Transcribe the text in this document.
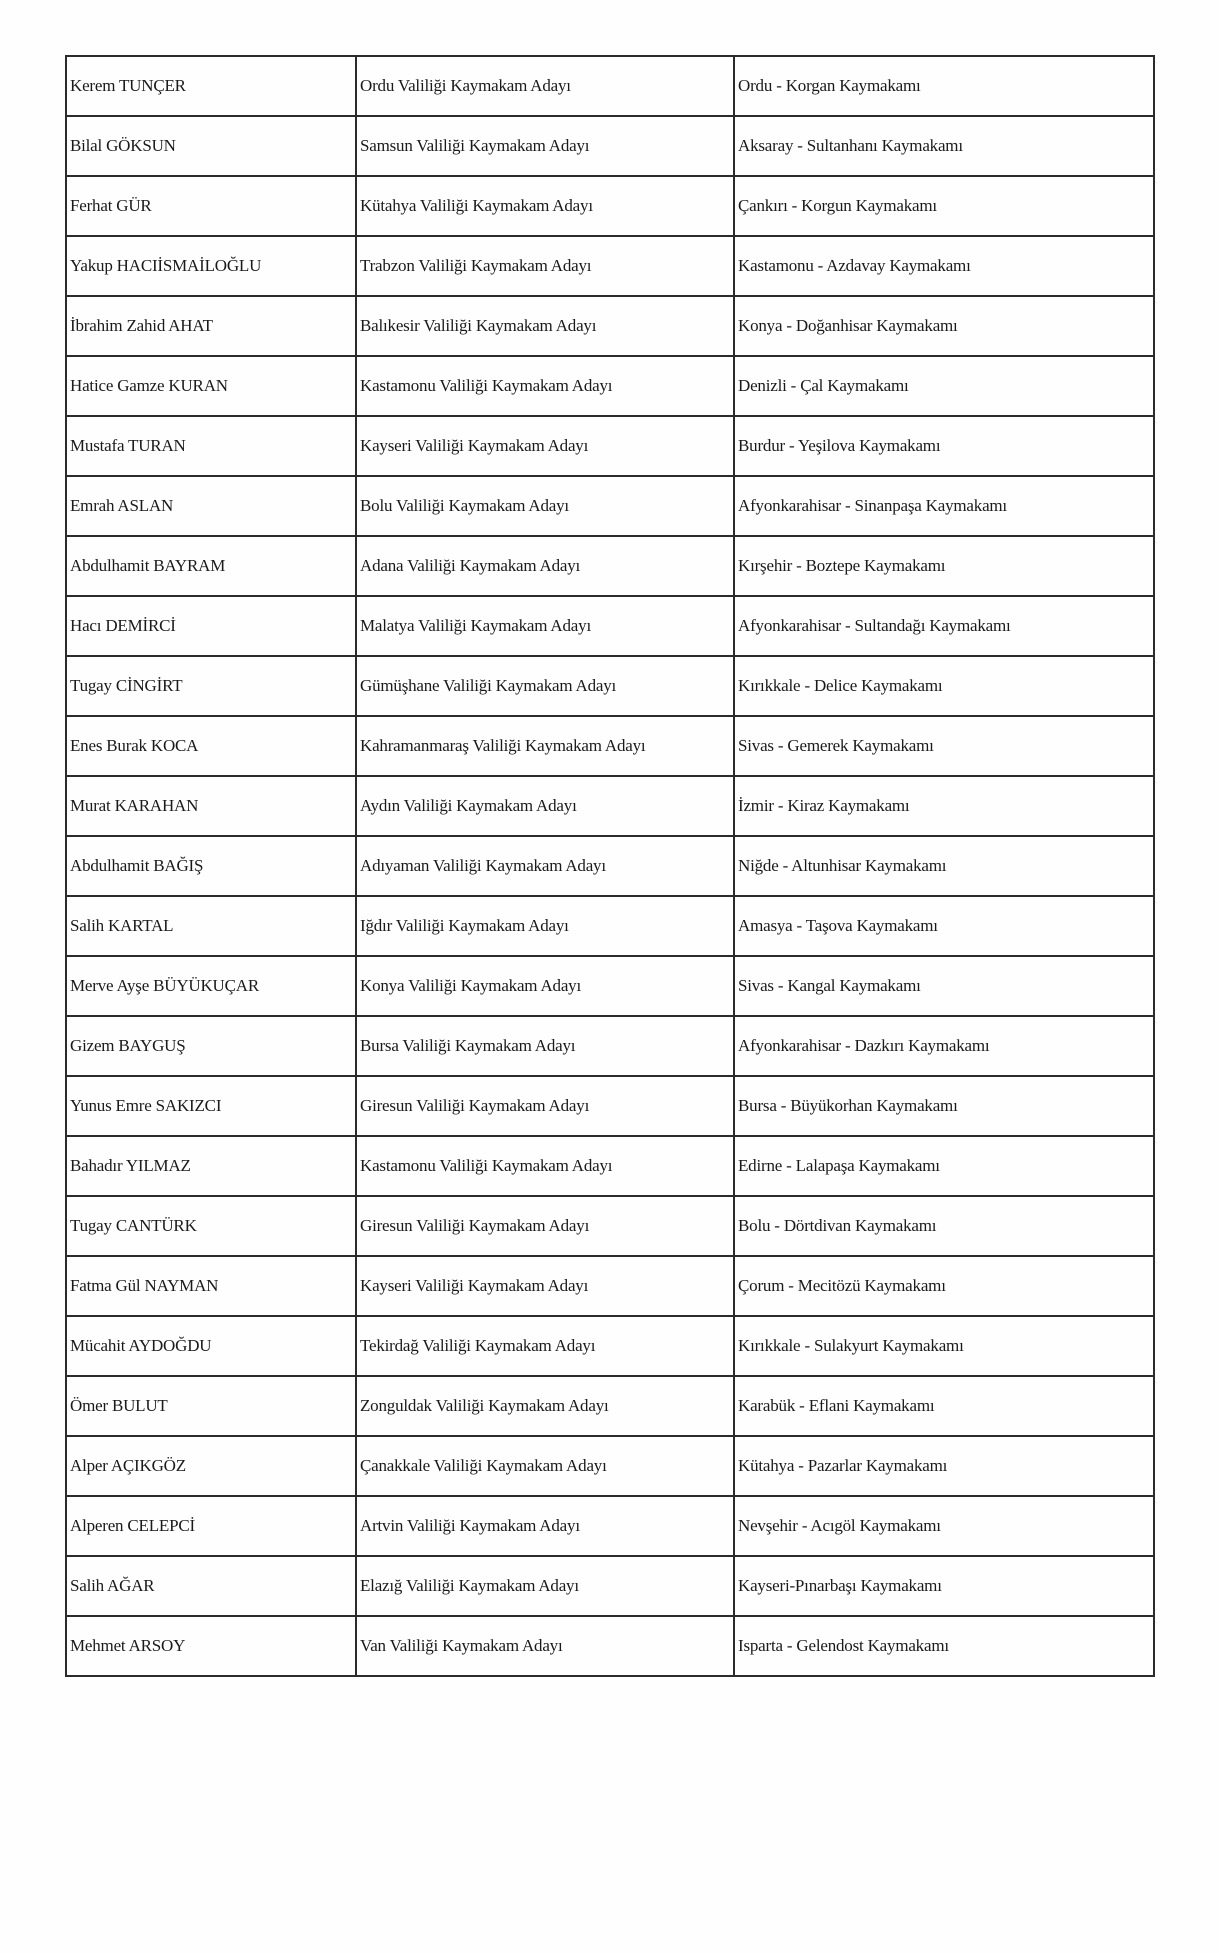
Kerem TUNÇER	Ordu Valiliği Kaymakam Adayı	Ordu - Korgan Kaymakamı
Bilal GÖKSUN	Samsun Valiliği Kaymakam Adayı	Aksaray - Sultanhanı Kaymakamı
Ferhat GÜR	Kütahya Valiliği Kaymakam Adayı	Çankırı - Korgun Kaymakamı
Yakup HACIİSMAİLOĞLU	Trabzon Valiliği Kaymakam Adayı	Kastamonu - Azdavay Kaymakamı
İbrahim Zahid AHAT	Balıkesir Valiliği Kaymakam Adayı	Konya - Doğanhisar Kaymakamı
Hatice Gamze KURAN	Kastamonu Valiliği Kaymakam Adayı	Denizli - Çal Kaymakamı
Mustafa TURAN	Kayseri Valiliği Kaymakam Adayı	Burdur - Yeşilova Kaymakamı
Emrah ASLAN	Bolu Valiliği Kaymakam Adayı	Afyonkarahisar - Sinanpaşa Kaymakamı
Abdulhamit BAYRAM	Adana Valiliği Kaymakam Adayı	Kırşehir - Boztepe Kaymakamı
Hacı DEMİRCİ	Malatya Valiliği Kaymakam Adayı	Afyonkarahisar - Sultandağı Kaymakamı
Tugay CİNGİRT	Gümüşhane Valiliği Kaymakam Adayı	Kırıkkale - Delice Kaymakamı
Enes Burak KOCA	Kahramanmaraş Valiliği Kaymakam Adayı	Sivas - Gemerek Kaymakamı
Murat KARAHAN	Aydın Valiliği Kaymakam Adayı	İzmir - Kiraz Kaymakamı
Abdulhamit BAĞIŞ	Adıyaman Valiliği Kaymakam Adayı	Niğde - Altunhisar Kaymakamı
Salih KARTAL	Iğdır Valiliği Kaymakam Adayı	Amasya - Taşova Kaymakamı
Merve Ayşe BÜYÜKUÇAR	Konya Valiliği Kaymakam Adayı	Sivas - Kangal Kaymakamı
Gizem BAYGUŞ	Bursa Valiliği Kaymakam Adayı	Afyonkarahisar - Dazkırı Kaymakamı
Yunus Emre SAKIZCI	Giresun Valiliği Kaymakam Adayı	Bursa - Büyükorhan Kaymakamı
Bahadır YILMAZ	Kastamonu Valiliği Kaymakam Adayı	Edirne - Lalapaşa Kaymakamı
Tugay CANTÜRK	Giresun Valiliği Kaymakam Adayı	Bolu - Dörtdivan Kaymakamı
Fatma Gül NAYMAN	Kayseri Valiliği Kaymakam Adayı	Çorum - Mecitözü Kaymakamı
Mücahit AYDOĞDU	Tekirdağ Valiliği Kaymakam Adayı	Kırıkkale - Sulakyurt Kaymakamı
Ömer BULUT	Zonguldak Valiliği Kaymakam Adayı	Karabük - Eflani Kaymakamı
Alper AÇIKGÖZ	Çanakkale Valiliği Kaymakam Adayı	Kütahya - Pazarlar Kaymakamı
Alperen CELEPCİ	Artvin Valiliği Kaymakam Adayı	Nevşehir - Acıgöl Kaymakamı
Salih AĞAR	Elazığ Valiliği Kaymakam Adayı	Kayseri-Pınarbaşı Kaymakamı
Mehmet ARSOY	Van Valiliği Kaymakam Adayı	Isparta - Gelendost Kaymakamı
